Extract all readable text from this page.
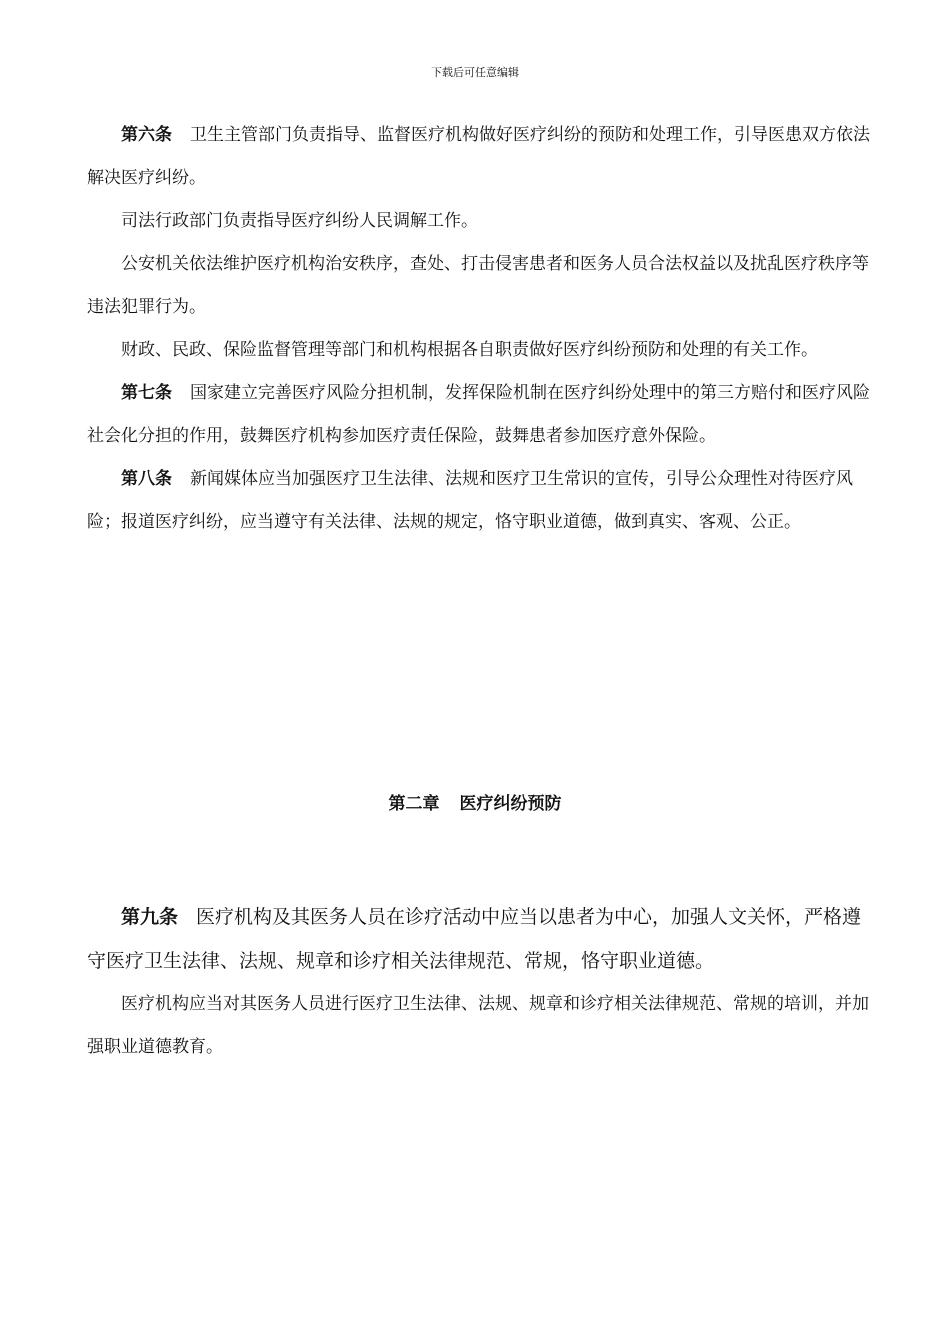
下载后可任意编辑

第六条 卫生主管部门负责指导、监督医疗机构做好医疗纠纷的预防和处理工作，引导医患双方依法解决医疗纠纷。

司法行政部门负责指导医疗纠纷人民调解工作。

公安机关依法维护医疗机构治安秩序，查处、打击侵害患者和医务人员合法权益以及扰乱医疗秩序等违法犯罪行为。

财政、民政、保险监督管理等部门和机构根据各自职责做好医疗纠纷预防和处理的有关工作。

第七条 国家建立完善医疗风险分担机制，发挥保险机制在医疗纠纷处理中的第三方赔付和医疗风险社会化分担的作用，鼓舞医疗机构参加医疗责任保险，鼓舞患者参加医疗意外保险。

第八条 新闻媒体应当加强医疗卫生法律、法规和医疗卫生常识的宣传，引导公众理性对待医疗风险；报道医疗纠纷，应当遵守有关法律、法规的规定，恪守职业道德，做到真实、客观、公正。

第二章 医疗纠纷预防

第九条 医疗机构及其医务人员在诊疗活动中应当以患者为中心，加强人文关怀，严格遵守医疗卫生法律、法规、规章和诊疗相关法律规范、常规，恪守职业道德。

医疗机构应当对其医务人员进行医疗卫生法律、法规、规章和诊疗相关法律规范、常规的培训，并加强职业道德教育。
